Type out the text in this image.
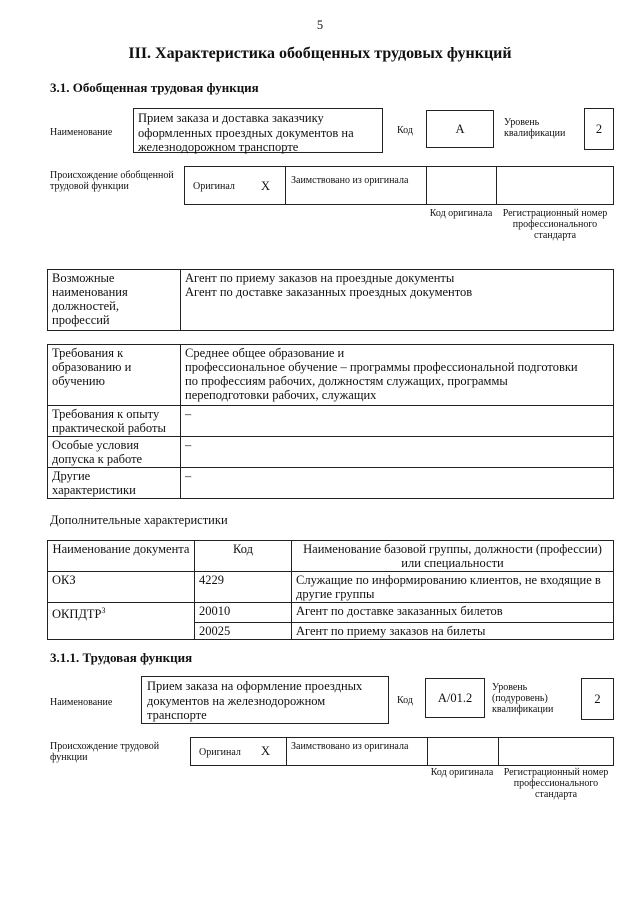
5
III. Характеристика обобщенных трудовых функций
3.1. Обобщенная трудовая функция
Наименование
Прием заказа и доставка заказчику оформленных проездных документов на железнодорожном транспорте
Код	А	Уровень квалификации	2
Происхождение обобщенной трудовой функции	Оригинал X Заимствовано из оригинала
Код оригинала	Регистрационный номер профессионального стандарта
Возможные наименования должностей, профессий	
Агент по приему заказов на проездные документы
Агент по доставке заказанных проездных документов
Требования к образованию и обучению	Среднее общее образование и
профессиональное обучение – программы профессиональной подготовки
по профессиям рабочих, должностям служащих, программы
переподготовки рабочих, служащих

Требования к опыту практической работы	–
Особые условия допуска к работе	–
Другие характеристики	–
Дополнительные характеристики
Наименование документа	Код	Наименование базовой группы, должности (профессии) или специальности
ОКЗ	4229	Служащие по информированию клиентов, не входящие в другие группы
ОКПДТР$^3$	20010	Агент по доставке заказанных билетов
	20025	Агент по приему заказов на билеты
3.1.1. Трудовая функция
Наименование
Прием заказа на оформление проездных документов на железнодорожном транспорте
Код	А/01.2
Уровень (подуровень) квалификации
2
Происхождение трудовой функции	Оригинал X Заимствовано из оригинала
Код оригинала	Регистрационный номер профессионального стандарта
